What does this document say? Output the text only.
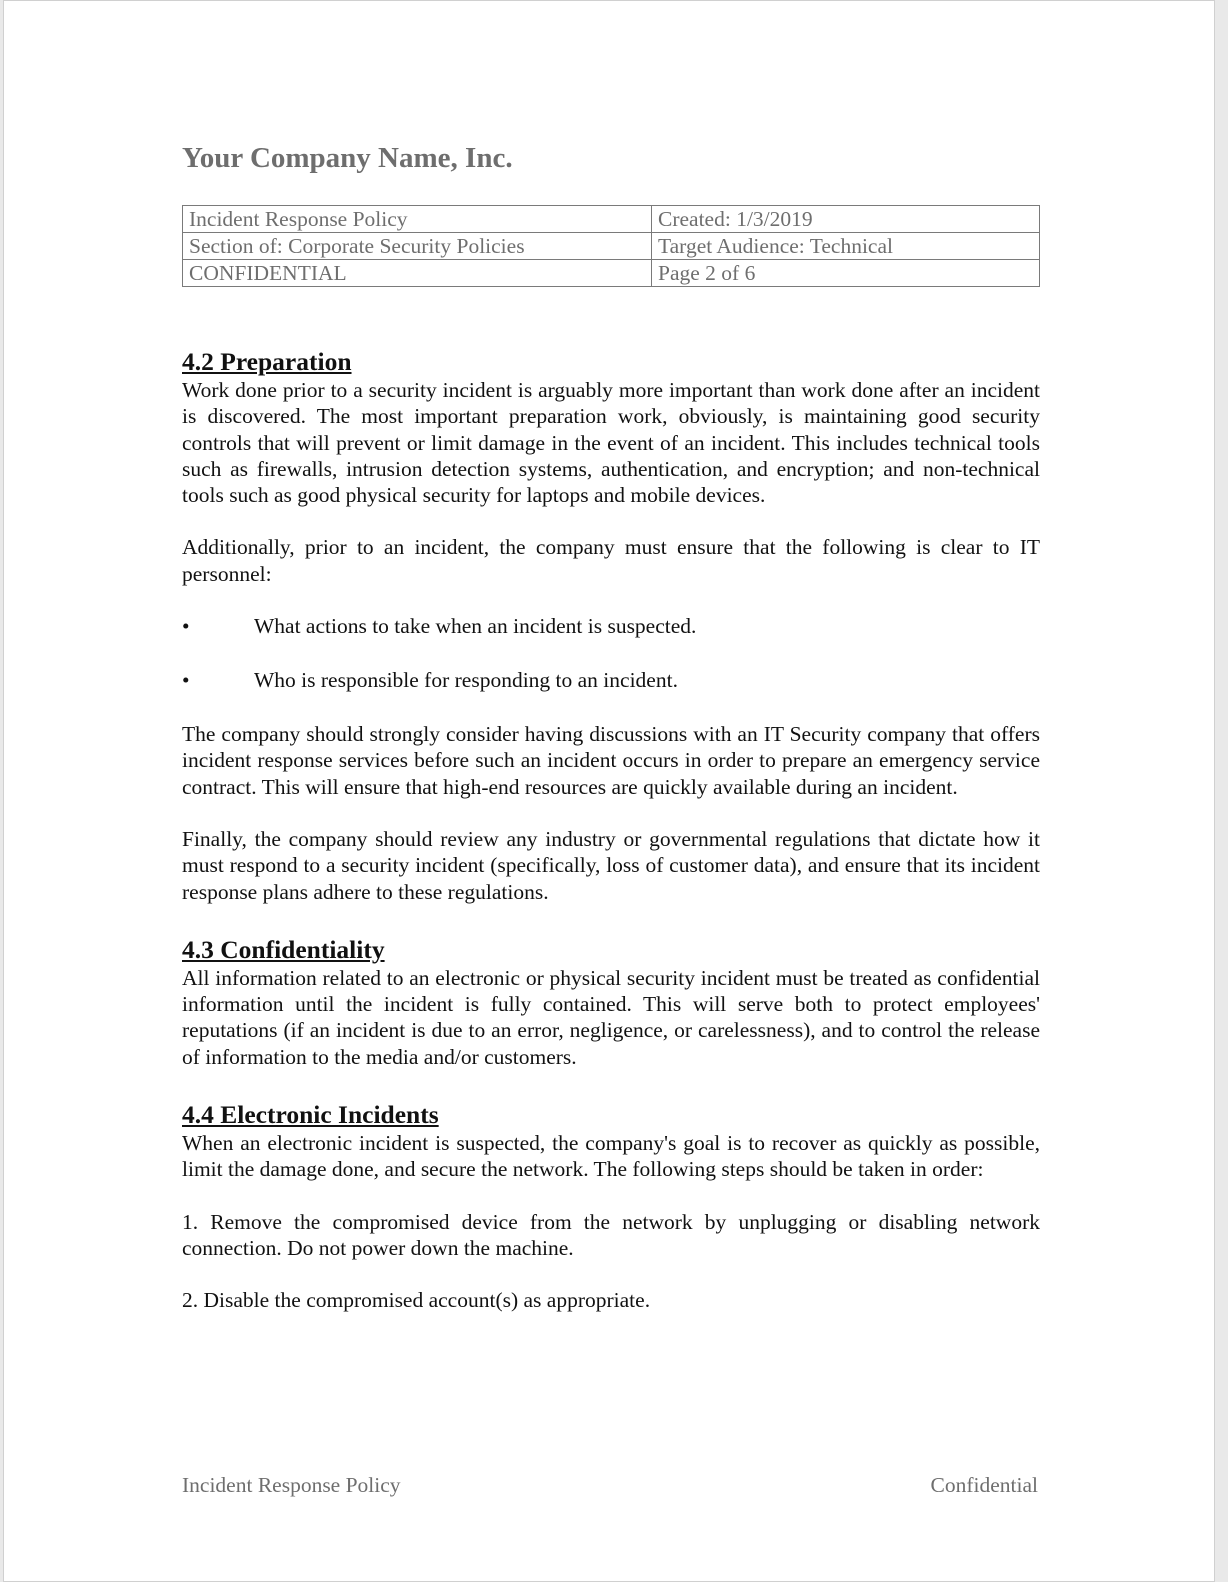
Your Company Name, Inc.
Incident Response Policy	Created: 1/3/2019
Section of: Corporate Security Policies	Target Audience: Technical
CONFIDENTIAL	Page 2 of 6
4.2 Preparation

Work done prior to a security incident is arguably more important than work done after an incident is discovered. The most important preparation work, obviously, is maintaining good security controls that will prevent or limit damage in the event of an incident. This includes technical tools such as firewalls, intrusion detection systems, authentication, and encryption; and non-technical tools such as good physical security for laptops and mobile devices.

Additionally, prior to an incident, the company must ensure that the following is clear to IT personnel:

•	What actions to take when an incident is suspected.
•	Who is responsible for responding to an incident.

The company should strongly consider having discussions with an IT Security company that offers incident response services before such an incident occurs in order to prepare an emergency service contract. This will ensure that high-end resources are quickly available during an incident.

Finally, the company should review any industry or governmental regulations that dictate how it must respond to a security incident (specifically, loss of customer data), and ensure that its incident response plans adhere to these regulations.

4.3 Confidentiality

All information related to an electronic or physical security incident must be treated as confidential information until the incident is fully contained. This will serve both to protect employees' reputations (if an incident is due to an error, negligence, or carelessness), and to control the release of information to the media and/or customers.

4.4 Electronic Incidents

When an electronic incident is suspected, the company's goal is to recover as quickly as possible, limit the damage done, and secure the network. The following steps should be taken in order:

1. Remove the compromised device from the network by unplugging or disabling network connection. Do not power down the machine.

2. Disable the compromised account(s) as appropriate.

Incident Response Policy	Confidential
